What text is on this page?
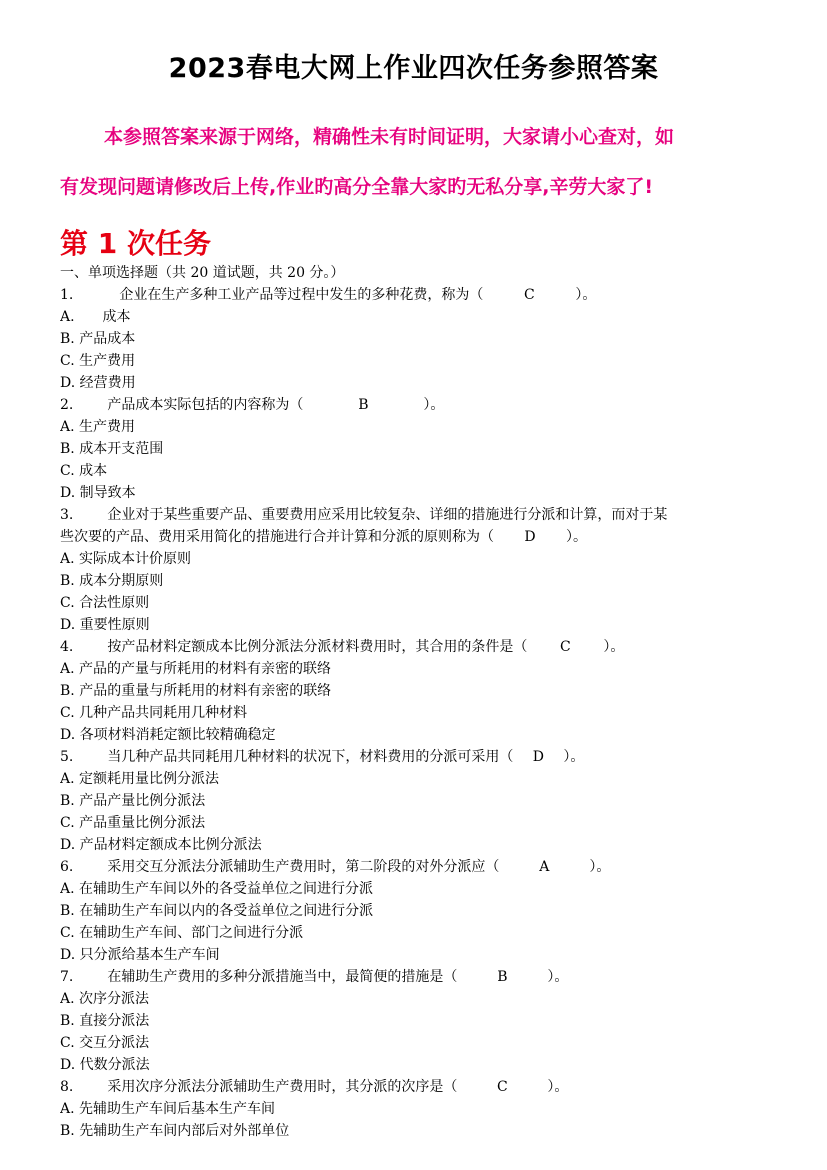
2023春电大网上作业四次任务参照答案
本参照答案来源于网络，精确性未有时间证明，大家请小心查对，如
有发现问题请修改后上传,作业旳高分全靠大家旳无私分享,辛劳大家了!
第 1 次任务
一、单项选择题（共 20 道试题，共 20 分。）
1.	企业在生产多种工业产品等过程中发生的多种花费，称为（	C	）。
A.　　成本
B. 产品成本
C. 生产费用
D. 经营费用
2. 产品成本实际包括的内容称为（	B	）。
A. 生产费用
B. 成本开支范围
C. 成本
D. 制导致本
3. 企业对于某些重要产品、重要费用应采用比较复杂、详细的措施进行分派和计算，而对于某
些次要的产品、费用采用简化的措施进行合并计算和分派的原则称为（ D ）。
A. 实际成本计价原则
B. 成本分期原则
C. 合法性原则
D. 重要性原则
4. 按产品材料定额成本比例分派法分派材料费用时，其合用的条件是（ C ）。
A. 产品的产量与所耗用的材料有亲密的联络
B. 产品的重量与所耗用的材料有亲密的联络
C. 几种产品共同耗用几种材料
D. 各项材料消耗定额比较精确稳定
5. 当几种产品共同耗用几种材料的状况下，材料费用的分派可采用（ D ）。
A. 定额耗用量比例分派法
B. 产品产量比例分派法
C. 产品重量比例分派法
D. 产品材料定额成本比例分派法
6. 采用交互分派法分派辅助生产费用时，第二阶段的对外分派应（	A	）。
A. 在辅助生产车间以外的各受益单位之间进行分派
B. 在辅助生产车间以内的各受益单位之间进行分派
C. 在辅助生产车间、部门之间进行分派
D. 只分派给基本生产车间
7. 在辅助生产费用的多种分派措施当中，最简便的措施是（	B	）。
A. 次序分派法
B. 直接分派法
C. 交互分派法
D. 代数分派法
8. 采用次序分派法分派辅助生产费用时，其分派的次序是（	C	）。
A. 先辅助生产车间后基本生产车间
B. 先辅助生产车间内部后对外部单位
